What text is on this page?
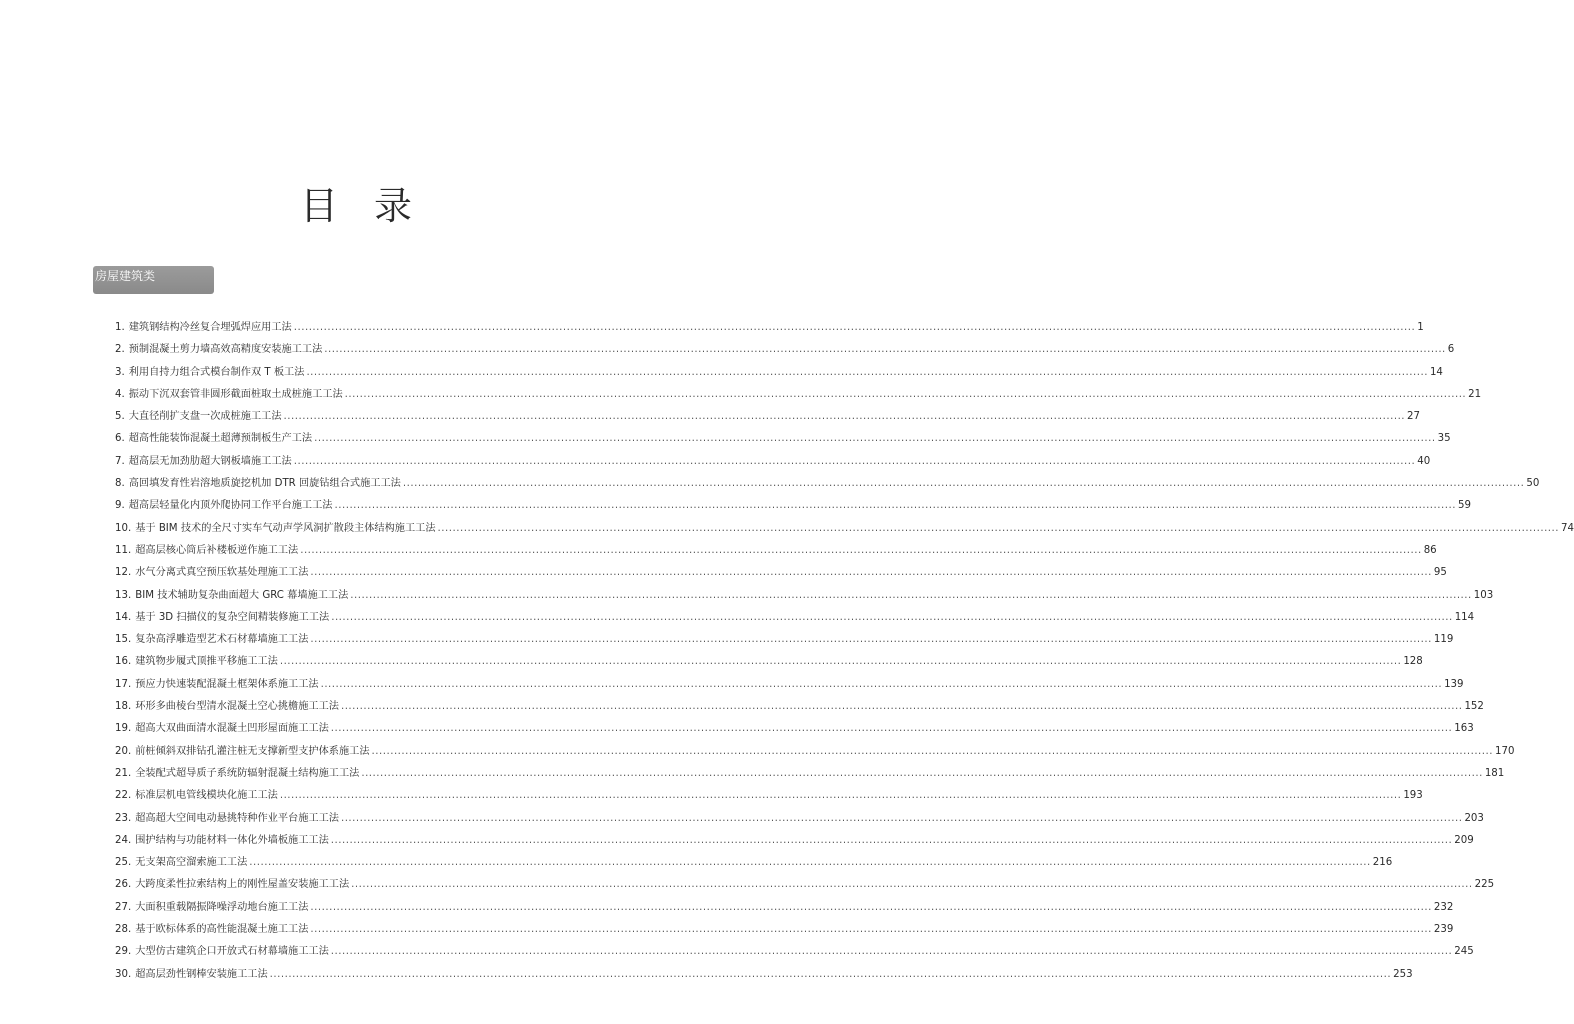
目 录
房屋建筑类
1. 建筑钢结构冷丝复合埋弧焊应用工法 ............................................................................................................................................................................................................................................................................................................ 1
2. 预制混凝土剪力墙高效高精度安装施工工法 ............................................................................................................................................................................................................................................................................................................ 6
3. 利用自持力组合式模台制作双 T 板工法 ............................................................................................................................................................................................................................................................................................................ 14
4. 振动下沉双套管非圆形截面桩取土成桩施工工法 ............................................................................................................................................................................................................................................................................................................ 21
5. 大直径削扩支盘一次成桩施工工法 ............................................................................................................................................................................................................................................................................................................ 27
6. 超高性能装饰混凝土超薄预制板生产工法 ............................................................................................................................................................................................................................................................................................................ 35
7. 超高层无加劲肋超大钢板墙施工工法 ............................................................................................................................................................................................................................................................................................................ 40
8. 高回填发育性岩溶地质旋挖机加 DTR 回旋钻组合式施工工法 ............................................................................................................................................................................................................................................................................................................ 50
9. 超高层轻量化内顶外爬协同工作平台施工工法 ............................................................................................................................................................................................................................................................................................................ 59
10. 基于 BIM 技术的全尺寸实车气动声学风洞扩散段主体结构施工工法 ............................................................................................................................................................................................................................................................................................................ 74
11. 超高层核心筒后补楼板逆作施工工法 ............................................................................................................................................................................................................................................................................................................ 86
12. 水气分离式真空预压软基处理施工工法 ............................................................................................................................................................................................................................................................................................................ 95
13. BIM 技术辅助复杂曲面超大 GRC 幕墙施工工法 ............................................................................................................................................................................................................................................................................................................ 103
14. 基于 3D 扫描仪的复杂空间精装修施工工法 ............................................................................................................................................................................................................................................................................................................ 114
15. 复杂高浮雕造型艺术石材幕墙施工工法 ............................................................................................................................................................................................................................................................................................................ 119
16. 建筑物步履式顶推平移施工工法 ............................................................................................................................................................................................................................................................................................................ 128
17. 预应力快速装配混凝土框架体系施工工法 ............................................................................................................................................................................................................................................................................................................ 139
18. 环形多曲棱台型清水混凝土空心挑檐施工工法 ............................................................................................................................................................................................................................................................................................................ 152
19. 超高大双曲面清水混凝土凹形屋面施工工法 ............................................................................................................................................................................................................................................................................................................ 163
20. 前桩倾斜双排钻孔灌注桩无支撑新型支护体系施工法 ............................................................................................................................................................................................................................................................................................................ 170
21. 全装配式超导质子系统防辐射混凝土结构施工工法 ............................................................................................................................................................................................................................................................................................................ 181
22. 标准层机电管线模块化施工工法 ............................................................................................................................................................................................................................................................................................................ 193
23. 超高超大空间电动悬挑特种作业平台施工工法 ............................................................................................................................................................................................................................................................................................................ 203
24. 围护结构与功能材料一体化外墙板施工工法 ............................................................................................................................................................................................................................................................................................................ 209
25. 无支架高空溜索施工工法 ............................................................................................................................................................................................................................................................................................................ 216
26. 大跨度柔性拉索结构上的刚性屋盖安装施工工法 ............................................................................................................................................................................................................................................................................................................ 225
27. 大面积重载隔振降噪浮动地台施工工法 ............................................................................................................................................................................................................................................................................................................ 232
28. 基于欧标体系的高性能混凝土施工工法 ............................................................................................................................................................................................................................................................................................................ 239
29. 大型仿古建筑企口开放式石材幕墙施工工法 ............................................................................................................................................................................................................................................................................................................ 245
30. 超高层劲性钢棒安装施工工法 ............................................................................................................................................................................................................................................................................................................ 253
